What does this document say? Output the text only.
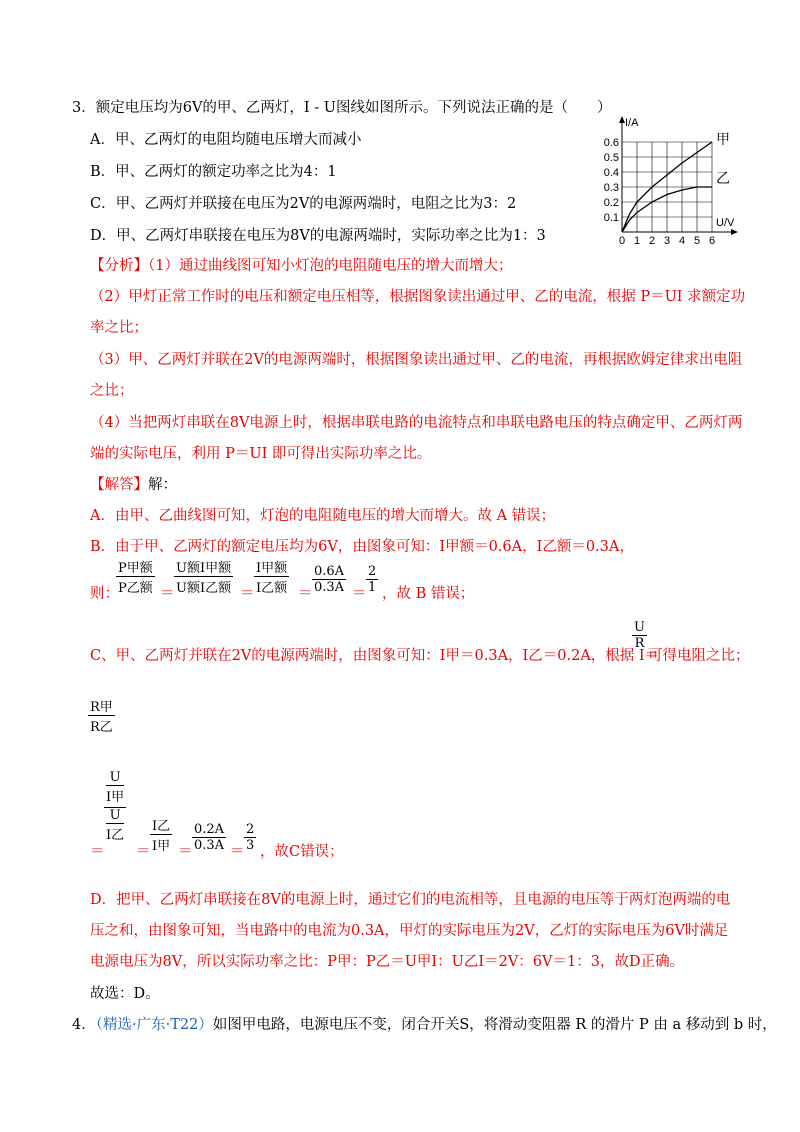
3．额定电压均为6V的甲、乙两灯，I - U图线如图所示。下列说法正确的是（　　）
A．甲、乙两灯的电阻均随电压增大而减小
B．甲、乙两灯的额定功率之比为4：1
C．甲、乙两灯并联接在电压为2V的电源两端时，电阻之比为3：2
D．甲、乙两灯串联接在电压为8V的电源两端时，实际功率之比为1：3	0 1 2 3 4 5 6
0.1
0.2
0.3
0.4
0.5
0.6
I/A
U/V
甲
乙
【分析】（1）通过曲线图可知小灯泡的电阻随电压的增大而增大；
（2）甲灯正常工作时的电压和额定电压相等，根据图象读出通过甲、乙的电流，根据 P＝UI 求额定功
率之比；
（3）甲、乙两灯并联在2V的电源两端时，根据图象读出通过甲、乙的电流，再根据欧姆定律求出电阻
之比；
（4）当把两灯串联在8V电源上时，根据串联电路的电流特点和串联电路电压的特点确定甲、乙两灯两
端的实际电压，利用 P＝UI 即可得出实际功率之比。
【解答】解：
A．由甲、乙曲线图可知，灯泡的电阻随电压的增大而增大。故 A 错误；
B．由于甲、乙两灯的额定电压均为6V，由图象可知：I甲额＝0.6A，I乙额＝0.3A，
则：
P甲额
P乙额 ＝
U额I甲额
U额I乙额 ＝
I甲额
I乙额 ＝
0.6A
0.3A ＝
2
1 ，故 B 错误；
C、甲、乙两灯并联在2V的电源两端时，由图象可知：I甲＝0.3A，I乙＝0.2A，根据 I＝
U
R
可得电阻之比；
R甲
R乙
＝
U
I甲
U
I乙
＝
I乙
I甲 ＝
0.2A
0.3A ＝
2
3 ，故C错误；
D．把甲、乙两灯串联接在8V的电源上时，通过它们的电流相等，且电源的电压等于两灯泡两端的电
压之和，由图象可知，当电路中的电流为0.3A，甲灯的实际电压为2V，乙灯的实际电压为6V时满足
电源电压为8V，所以实际功率之比：P甲：P乙＝U甲I：U乙I＝2V：6V＝1：3，故D正确。
故选：D。
4．（精选·广东·T22）如图甲电路，电源电压不变，闭合开关S，将滑动变阻器 R 的滑片 P 由 a 移动到 b 时，
